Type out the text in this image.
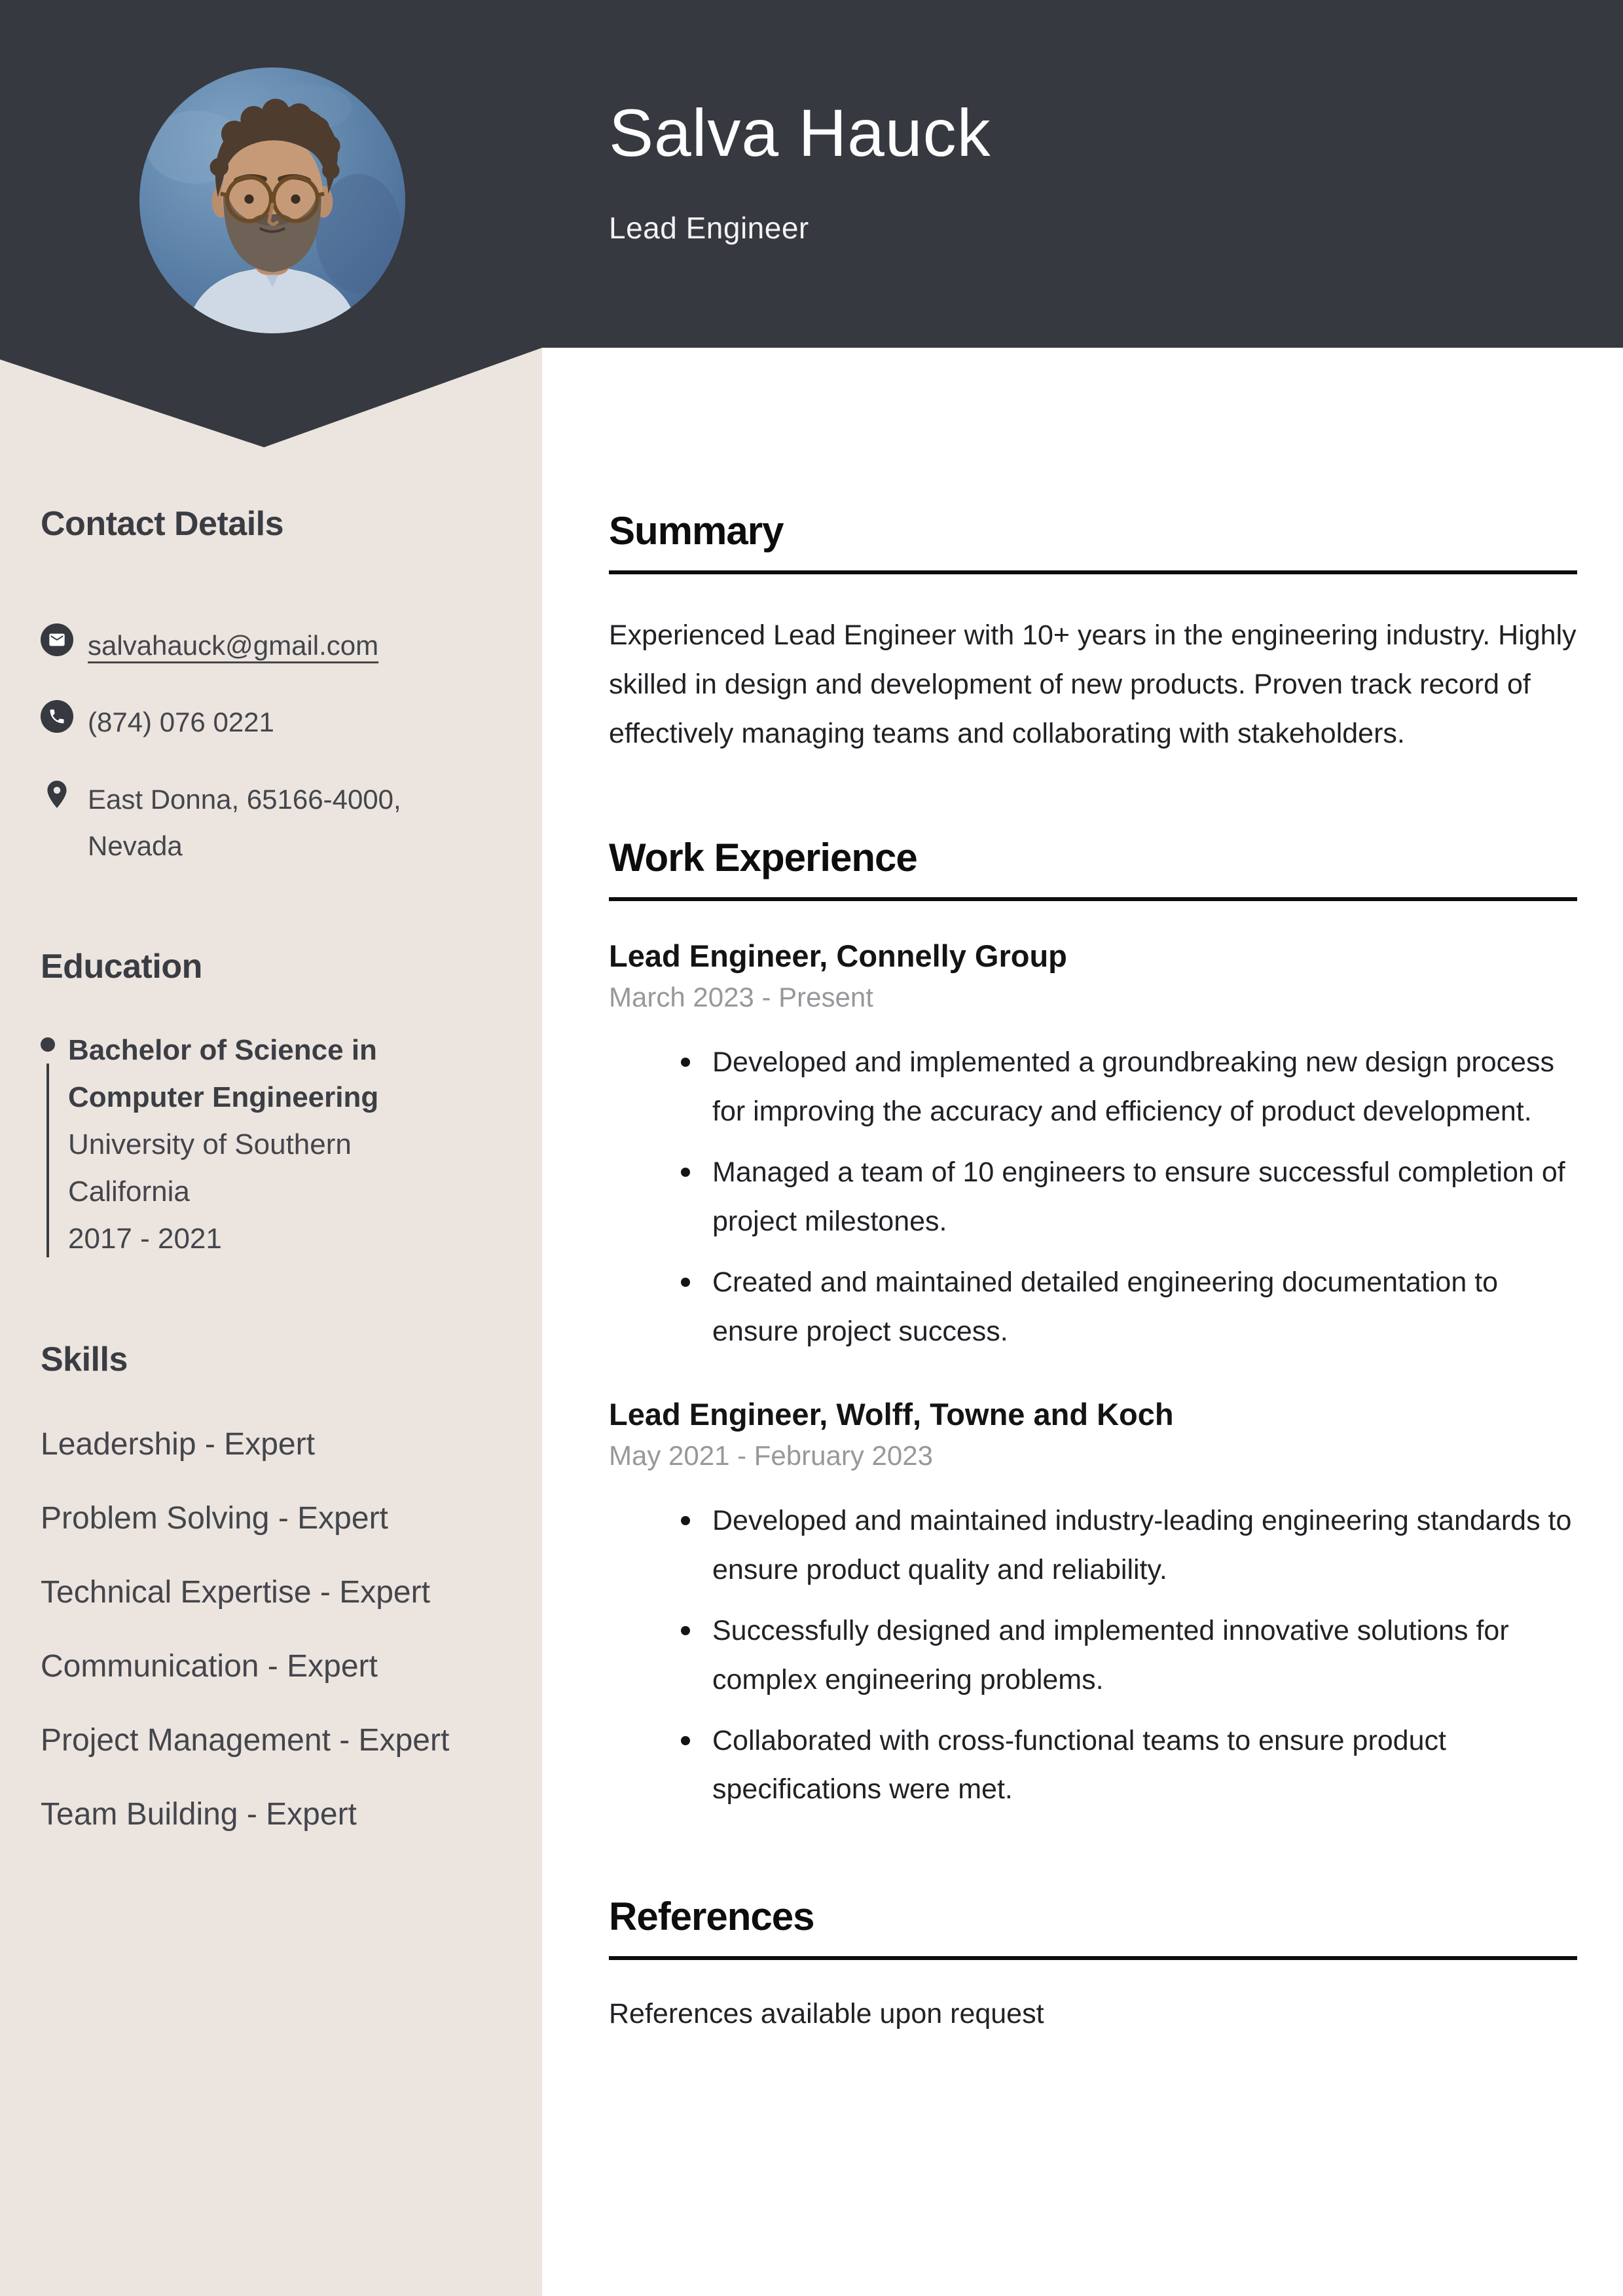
Salva Hauck
Lead Engineer
Contact Details
salvahauck@gmail.com
(874) 076 0221
East Donna, 65166-4000,
Nevada
Education
Bachelor of Science in
Computer Engineering
University of Southern
California
2017 - 2021
Skills
Leadership - Expert
Problem Solving - Expert
Technical Expertise - Expert
Communication - Expert
Project Management - Expert
Team Building - Expert
Summary

Experienced Lead Engineer with 10+ years in the engineering industry. Highly skilled in design and development of new products. Proven track record of effectively managing teams and collaborating with stakeholders.

Work Experience
Lead Engineer, Connelly Group
March 2023 - Present
Developed and implemented a groundbreaking new design process for improving the accuracy and efficiency of product development.
Managed a team of 10 engineers to ensure successful completion of project milestones.
Created and maintained detailed engineering documentation to ensure project success.
Lead Engineer, Wolff, Towne and Koch
May 2021 - February 2023
Developed and maintained industry-leading engineering standards to ensure product quality and reliability.
Successfully designed and implemented innovative solutions for complex engineering problems.
Collaborated with cross-functional teams to ensure product specifications were met.
References

References available upon request
